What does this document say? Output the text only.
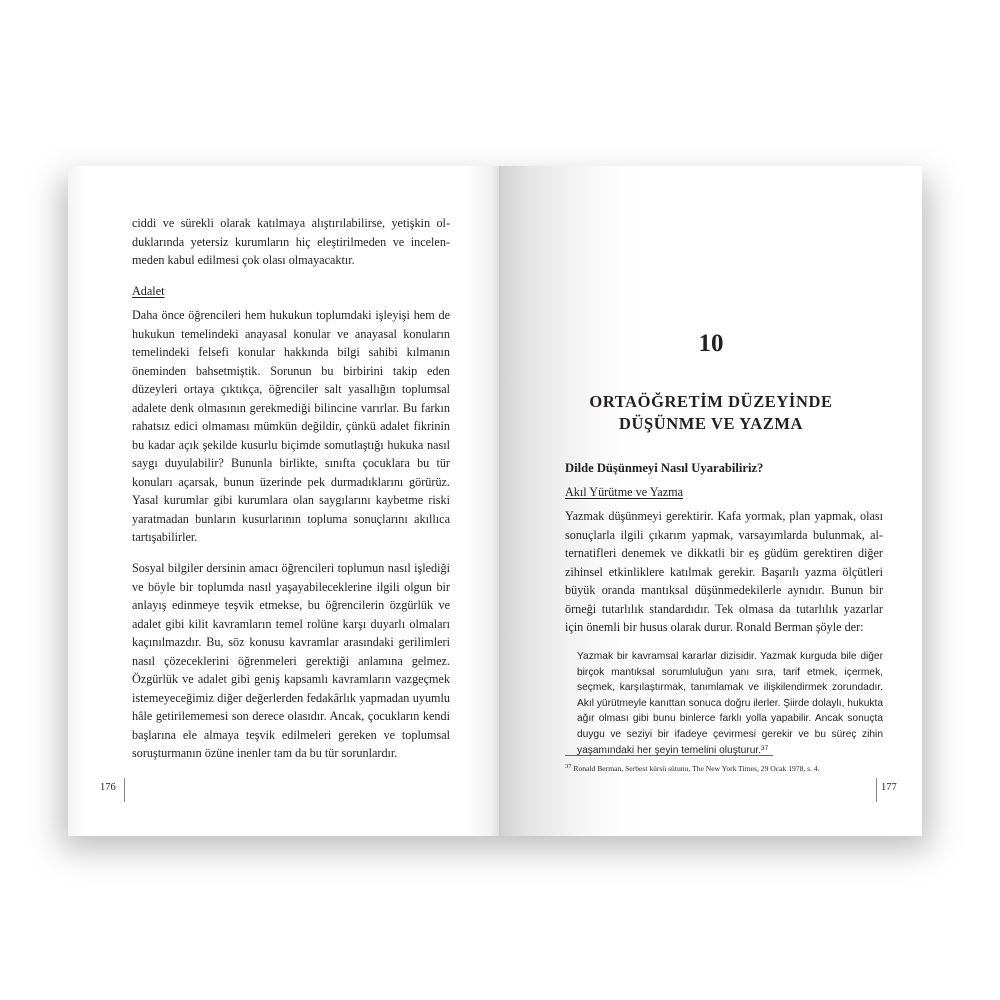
ciddi ve sürekli olarak katılmaya alıştırılabilirse, yetişkin olduklarında yetersiz kurumların hiç eleştirilmeden ve incelenmeden kabul edilmesi çok olası olmayacaktır.

Adalet

Daha önce öğrencileri hem hukukun toplumdaki işleyişi hem de hukukun temelindeki anayasal konular ve anayasal konuların temelindeki felsefi konular hakkında bilgi sahibi kılmanın öneminden bahsetmiştik. Sorunun bu birbirini takip eden düzeyleri ortaya çıktıkça, öğrenciler salt yasallığın toplumsal adalete denk olmasının gerekmediği bilincine varırlar. Bu farkın rahatsız edici olmaması mümkün değildir, çünkü adalet fikrinin bu kadar açık şekilde kusurlu biçimde somutlaştığı hukuka nasıl saygı duyulabilir? Bununla birlikte, sınıfta çocuklara bu tür konuları açarsak, bunun üzerinde pek durmadıklarını görürüz. Yasal kurumlar gibi kurumlara olan saygılarını kaybetme riski yaratmadan bunların kusurlarının topluma sonuçlarını akıllıca tartışabilirler.

Sosyal bilgiler dersinin amacı öğrencileri toplumun nasıl işlediği ve böyle bir toplumda nasıl yaşayabileceklerine ilgili olgun bir anlayış edinmeye teşvik etmekse, bu öğrencilerin özgürlük ve adalet gibi kilit kavramların temel rolüne karşı duyarlı olmaları kaçınılmazdır. Bu, söz konusu kavramlar arasındaki gerilimleri nasıl çözeceklerini öğrenmeleri gerektiği anlamına gelmez. Özgürlük ve adalet gibi geniş kapsamlı kavramların vazgeçmek istemeyeceğimiz diğer değerlerden fedakârlık yapmadan uyumlu hâle getirilememesi son derece olasıdır. Ancak, çocukların kendi başlarına ele almaya teşvik edilmeleri gereken ve toplumsal soruşturmanın özüne inenler tam da bu tür sorunlardır.

176
10
ORTAÖĞRETİM DÜZEYİNDE
DÜŞÜNME VE YAZMA

Dilde Düşünmeyi Nasıl Uyarabiliriz?

Akıl Yürütme ve Yazma

Yazmak düşünmeyi gerektirir. Kafa yormak, plan yapmak, olası sonuçlarla ilgili çıkarım yapmak, varsayımlarda bulunmak, alternatifleri denemek ve dikkatli bir eş güdüm gerektiren diğer zihinsel etkinliklere katılmak gerekir. Başarılı yazma ölçütleri büyük oranda mantıksal düşünmedekilerle aynıdır. Bunun bir örneği tutarlılık standardıdır. Tek olmasa da tutarlılık yazarlar için önemli bir husus olarak durur. Ronald Berman şöyle der:

Yazmak bir kavramsal kararlar dizisidir. Yazmak kurguda bile diğer birçok mantıksal sorumluluğun yanı sıra, tarif etmek, içermek, seçmek, karşılaştırmak, tanımlamak ve ilişkilendirmek zorundadır. Akıl yürütmeyle kanıttan sonuca doğru ilerler. Şiirde dolaylı, hukukta ağır olması gibi bunu binlerce farklı yolla yapabilir. Ancak sonuçta duygu ve seziyi bir ifadeye çevirmesi gerekir ve bu süreç zihin yaşamındaki her şeyin temelini oluşturur.$^{37}$

$^{37}$ Ronald Berman, Serbest kürsü sütunu, The New York Times, 29 Ocak 1978, s. 4.
177
